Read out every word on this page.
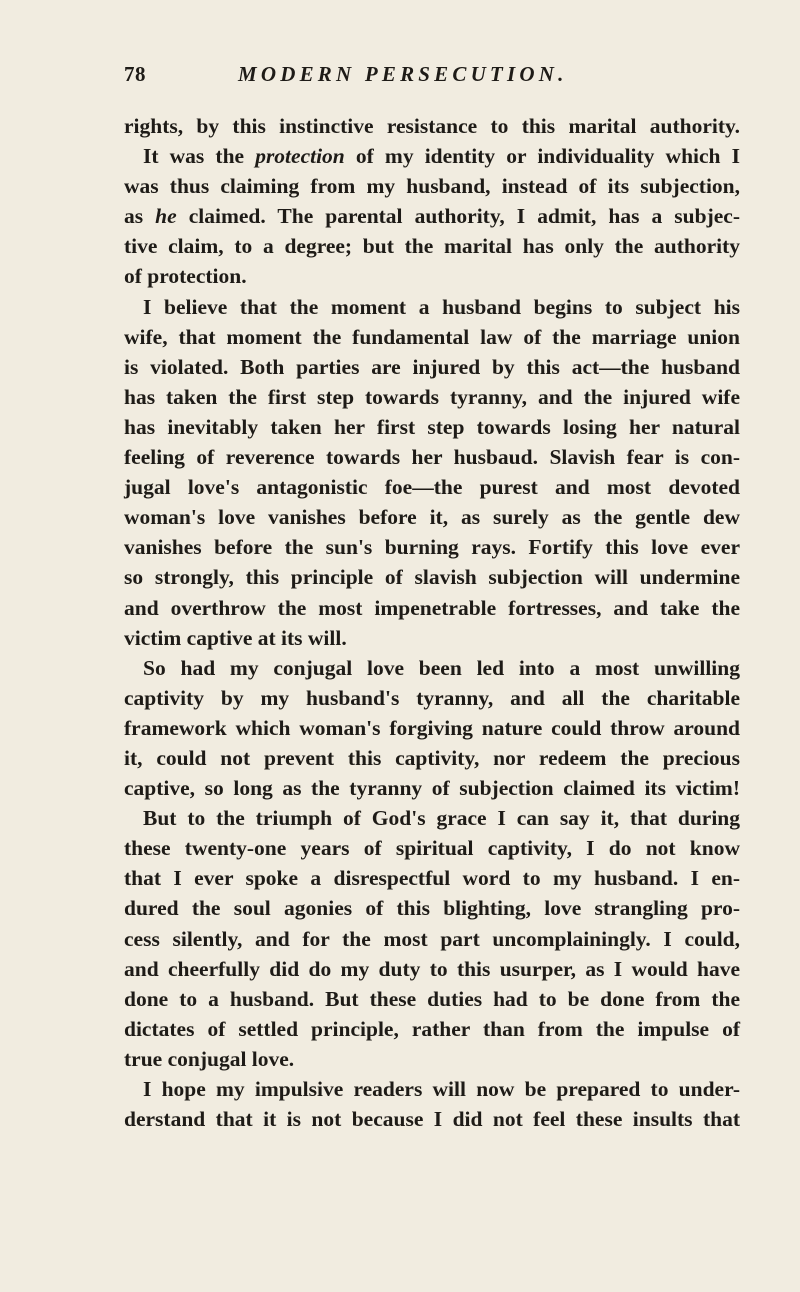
78	MODERN PERSECUTION.
rights, by this instinctive resistance to this marital authority.
It was the protection of my identity or individuality which I
was thus claiming from my husband, instead of its subjection,
as he claimed. The parental authority, I admit, has a subjec-
tive claim, to a degree; but the marital has only the authority
of protection.
I believe that the moment a husband begins to subject his
wife, that moment the fundamental law of the marriage union
is violated. Both parties are injured by this act—the husband
has taken the first step towards tyranny, and the injured wife
has inevitably taken her first step towards losing her natural
feeling of reverence towards her husbaud. Slavish fear is con-
jugal love's antagonistic foe—the purest and most devoted
woman's love vanishes before it, as surely as the gentle dew
vanishes before the sun's burning rays. Fortify this love ever
so strongly, this principle of slavish subjection will undermine
and overthrow the most impenetrable fortresses, and take the
victim captive at its will.
So had my conjugal love been led into a most unwilling
captivity by my husband's tyranny, and all the charitable
framework which woman's forgiving nature could throw around
it, could not prevent this captivity, nor redeem the precious
captive, so long as the tyranny of subjection claimed its victim!
But to the triumph of God's grace I can say it, that during
these twenty-one years of spiritual captivity, I do not know
that I ever spoke a disrespectful word to my husband. I en-
dured the soul agonies of this blighting, love strangling pro-
cess silently, and for the most part uncomplainingly. I could,
and cheerfully did do my duty to this usurper, as I would have
done to a husband. But these duties had to be done from the
dictates of settled principle, rather than from the impulse of
true conjugal love.
I hope my impulsive readers will now be prepared to under-
derstand that it is not because I did not feel these insults that
